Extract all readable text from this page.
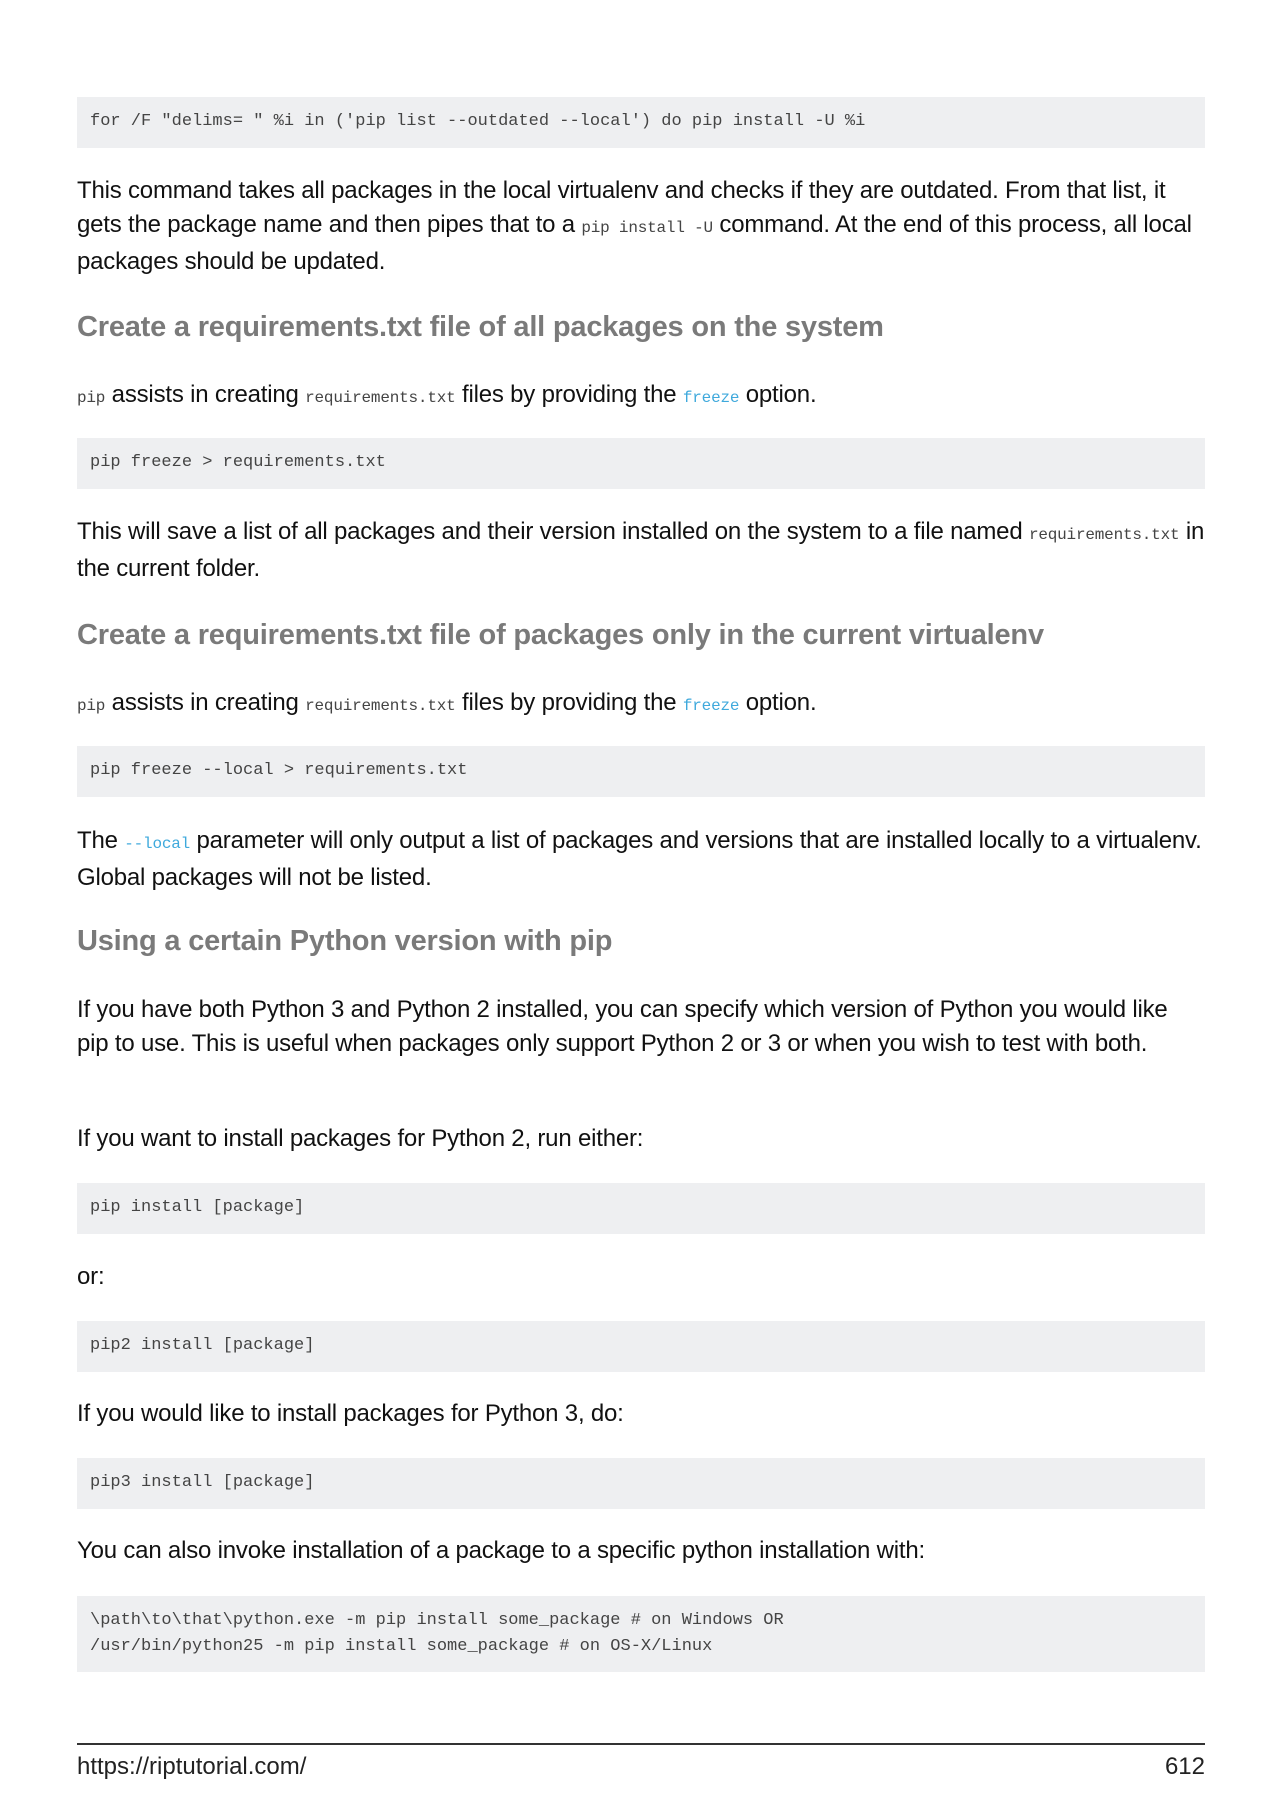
for /F "delims= " %i in ('pip list --outdated --local') do pip install -U %i
This command takes all packages in the local virtualenv and checks if they are outdated. From that list, it gets the package name and then pipes that to a pip install -U command. At the end of this process, all local packages should be updated.
Create a requirements.txt file of all packages on the system
pip assists in creating requirements.txt files by providing the freeze option.
pip freeze > requirements.txt
This will save a list of all packages and their version installed on the system to a file named requirements.txt in the current folder.
Create a requirements.txt file of packages only in the current virtualenv
pip assists in creating requirements.txt files by providing the freeze option.
pip freeze --local > requirements.txt
The --local parameter will only output a list of packages and versions that are installed locally to a virtualenv. Global packages will not be listed.
Using a certain Python version with pip
If you have both Python 3 and Python 2 installed, you can specify which version of Python you would like pip to use. This is useful when packages only support Python 2 or 3 or when you wish to test with both.
If you want to install packages for Python 2, run either:
pip install [package]
or:
pip2 install [package]
If you would like to install packages for Python 3, do:
pip3 install [package]
You can also invoke installation of a package to a specific python installation with:
\path\to\that\python.exe -m pip install some_package # on Windows OR
/usr/bin/python25 -m pip install some_package # on OS-X/Linux
https://riptutorial.com/	612
